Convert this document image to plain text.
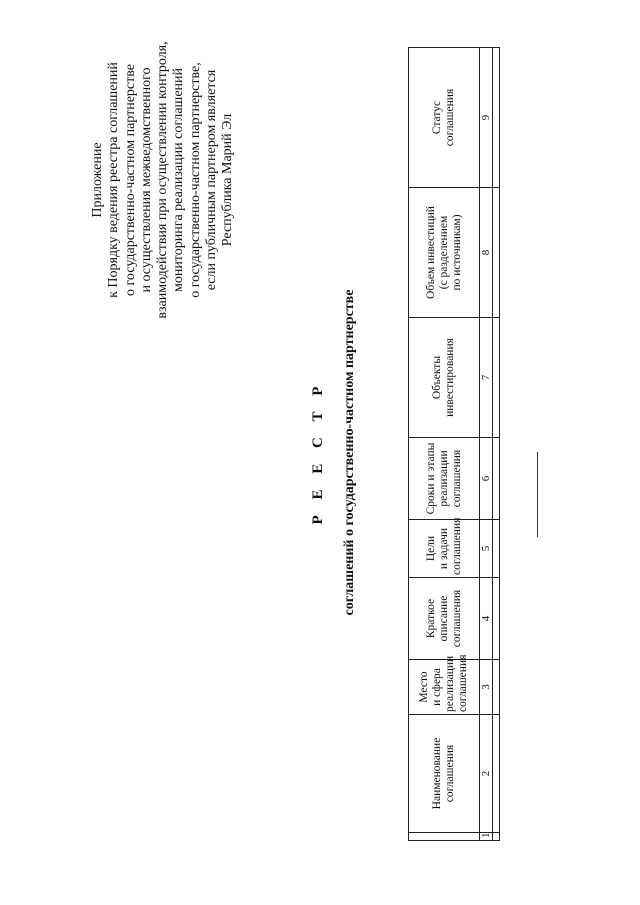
Приложение к Порядку ведения реестра соглашений о государственно-частном партнерстве и осуществления межведомственного взаимодействия при осуществлении контроля, мониторинга реализации соглашений о государственно-частном партнерстве, если публичным партнером является Республика Марий Эл
Р Е Е С Т Р соглашений о государственно-частном партнерстве
	Наименование
соглашения	Место
и сфера
реализации
соглашения	Краткое
описание
соглашения	Цели
и задачи
соглашения	Сроки и этапы
реализации
соглашения	Объекты
инвестирования	Объем инвестиций
(с разделением
по источникам)	Статус
соглашения
1	2	3	4	5	6	7	8	9
